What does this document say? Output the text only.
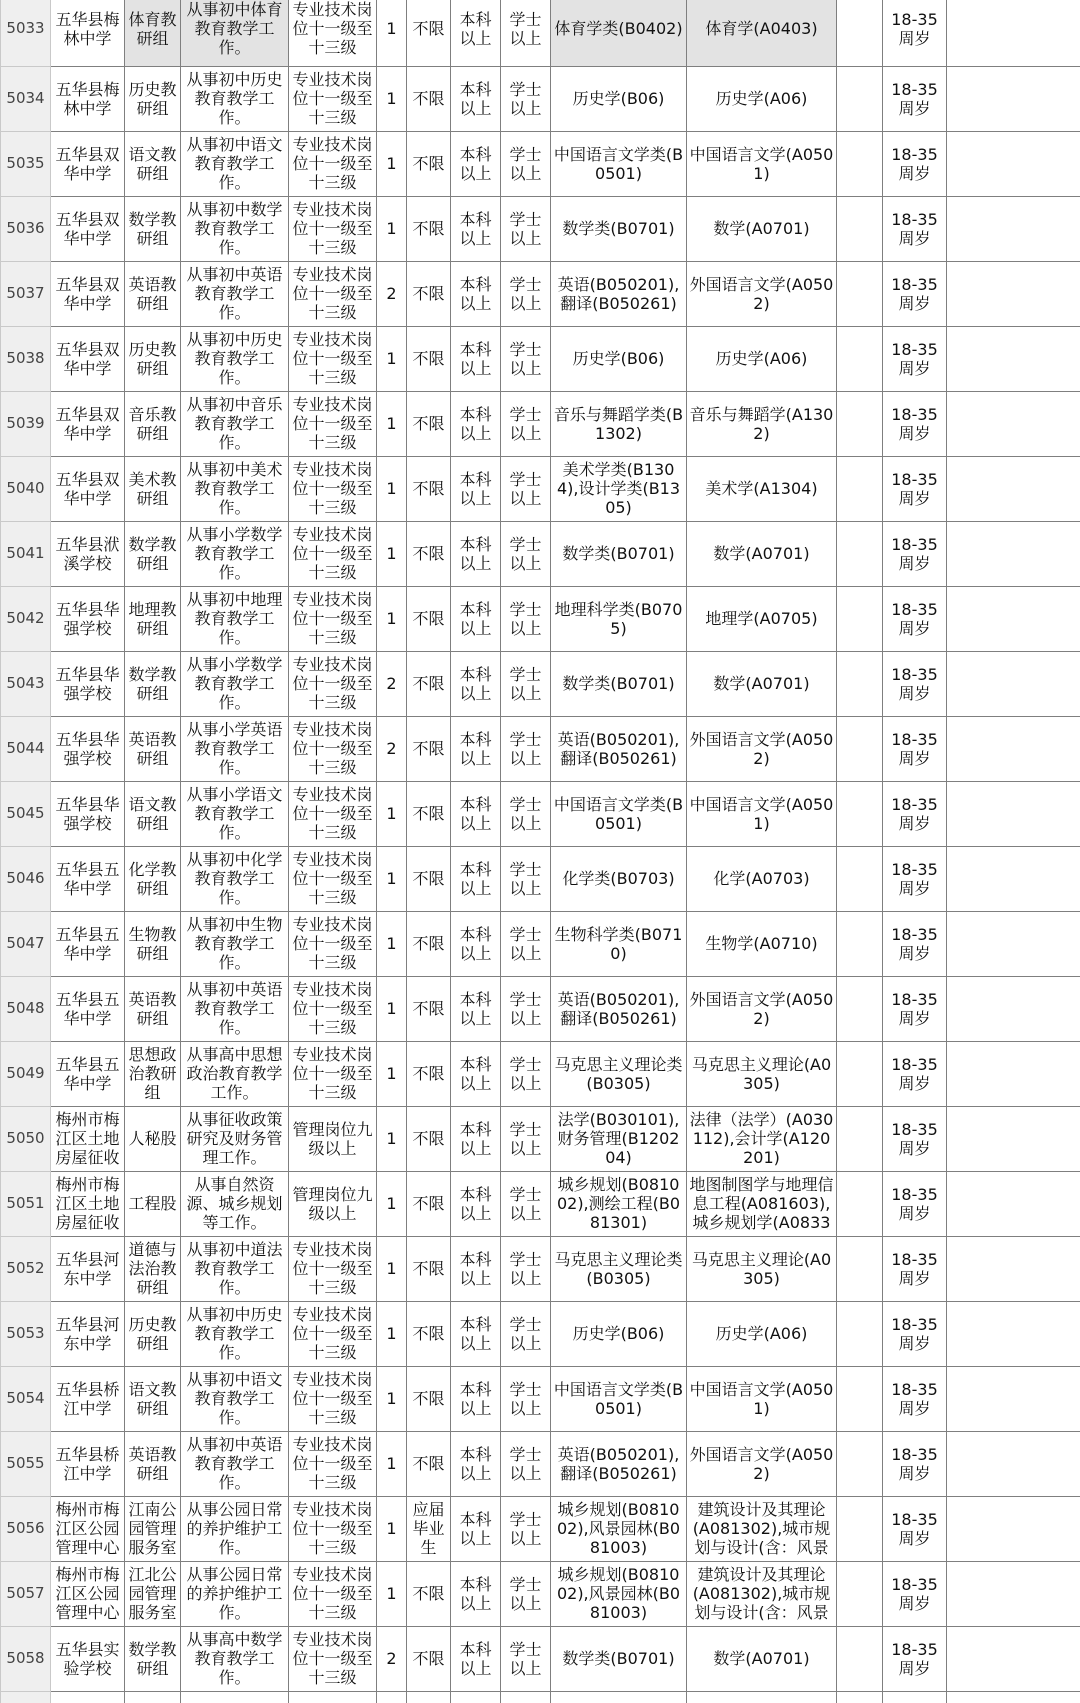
5033	五华县梅林中学	体育教研组	从事初中体育教育教学工作。	专业技术岗位十一级至十三级	1	不限	本科以上	学士以上	体育学类(B0402)	体育学(A0403)		18-35周岁	

5034	五华县梅林中学	历史教研组	从事初中历史教育教学工作。	专业技术岗位十一级至十三级	1	不限	本科以上	学士以上	历史学(B06)	历史学(A06)		18-35周岁	

5035	五华县双华中学	语文教研组	从事初中语文教育教学工作。	专业技术岗位十一级至十三级	1	不限	本科以上	学士以上	中国语言文学类(B0501)	中国语言文学(A0501)		18-35周岁	

5036	五华县双华中学	数学教研组	从事初中数学教育教学工作。	专业技术岗位十一级至十三级	1	不限	本科以上	学士以上	数学类(B0701)	数学(A0701)		18-35周岁	

5037	五华县双华中学	英语教研组	从事初中英语教育教学工作。	专业技术岗位十一级至十三级	2	不限	本科以上	学士以上	英语(B050201),翻译(B050261)	外国语言文学(A0502)		18-35周岁	

5038	五华县双华中学	历史教研组	从事初中历史教育教学工作。	专业技术岗位十一级至十三级	1	不限	本科以上	学士以上	历史学(B06)	历史学(A06)		18-35周岁	

5039	五华县双华中学	音乐教研组	从事初中音乐教育教学工作。	专业技术岗位十一级至十三级	1	不限	本科以上	学士以上	音乐与舞蹈学类(B1302)	音乐与舞蹈学(A1302)		18-35周岁	

5040	五华县双华中学	美术教研组	从事初中美术教育教学工作。	专业技术岗位十一级至十三级	1	不限	本科以上	学士以上	美术学类(B1304),设计学类(B1305)	美术学(A1304)		18-35周岁	

5041	五华县洑溪学校	数学教研组	从事小学数学教育教学工作。	专业技术岗位十一级至十三级	1	不限	本科以上	学士以上	数学类(B0701)	数学(A0701)		18-35周岁	

5042	五华县华强学校	地理教研组	从事初中地理教育教学工作。	专业技术岗位十一级至十三级	1	不限	本科以上	学士以上	地理科学类(B0705)	地理学(A0705)		18-35周岁	

5043	五华县华强学校	数学教研组	从事小学数学教育教学工作。	专业技术岗位十一级至十三级	2	不限	本科以上	学士以上	数学类(B0701)	数学(A0701)		18-35周岁	

5044	五华县华强学校	英语教研组	从事小学英语教育教学工作。	专业技术岗位十一级至十三级	2	不限	本科以上	学士以上	英语(B050201),翻译(B050261)	外国语言文学(A0502)		18-35周岁	

5045	五华县华强学校	语文教研组	从事小学语文教育教学工作。	专业技术岗位十一级至十三级	1	不限	本科以上	学士以上	中国语言文学类(B0501)	中国语言文学(A0501)		18-35周岁	

5046	五华县五华中学	化学教研组	从事初中化学教育教学工作。	专业技术岗位十一级至十三级	1	不限	本科以上	学士以上	化学类(B0703)	化学(A0703)		18-35周岁	

5047	五华县五华中学	生物教研组	从事初中生物教育教学工作。	专业技术岗位十一级至十三级	1	不限	本科以上	学士以上	生物科学类(B0710)	生物学(A0710)		18-35周岁	

5048	五华县五华中学	英语教研组	从事初中英语教育教学工作。	专业技术岗位十一级至十三级	1	不限	本科以上	学士以上	英语(B050201),翻译(B050261)	外国语言文学(A0502)		18-35周岁	

5049	五华县五华中学	思想政治教研组	从事高中思想政治教育教学工作。	专业技术岗位十一级至十三级	1	不限	本科以上	学士以上	马克思主义理论类(B0305)	马克思主义理论(A0305)		18-35周岁	

5050	梅州市梅江区土地房屋征收	人秘股	从事征收政策研究及财务管理工作。	管理岗位九级以上	1	不限	本科以上	学士以上	法学(B030101),财务管理(B120204)	法律（法学）(A030112),会计学(A120201)		18-35周岁	

5051	梅州市梅江区土地房屋征收	工程股	从事自然资源、城乡规划等工作。	管理岗位九级以上	1	不限	本科以上	学士以上	城乡规划(B081002),测绘工程(B081301)	地图制图学与地理信息工程(A081603),城乡规划学(A0833		18-35周岁	

5052	五华县河东中学	道德与法治教研组	从事初中道法教育教学工作。	专业技术岗位十一级至十三级	1	不限	本科以上	学士以上	马克思主义理论类(B0305)	马克思主义理论(A0305)		18-35周岁	

5053	五华县河东中学	历史教研组	从事初中历史教育教学工作。	专业技术岗位十一级至十三级	1	不限	本科以上	学士以上	历史学(B06)	历史学(A06)		18-35周岁	

5054	五华县桥江中学	语文教研组	从事初中语文教育教学工作。	专业技术岗位十一级至十三级	1	不限	本科以上	学士以上	中国语言文学类(B0501)	中国语言文学(A0501)		18-35周岁	

5055	五华县桥江中学	英语教研组	从事初中英语教育教学工作。	专业技术岗位十一级至十三级	1	不限	本科以上	学士以上	英语(B050201),翻译(B050261)	外国语言文学(A0502)		18-35周岁	

5056	梅州市梅江区公园管理中心	江南公园管理服务室	从事公园日常的养护维护工作。	专业技术岗位十一级至十三级	1	应届毕业生	本科以上	学士以上	城乡规划(B081002),风景园林(B081003)	建筑设计及其理论(A081302),城市规划与设计(含：风景		18-35周岁	

5057	梅州市梅江区公园管理中心	江北公园管理服务室	从事公园日常的养护维护工作。	专业技术岗位十一级至十三级	1	不限	本科以上	学士以上	城乡规划(B081002),风景园林(B081003)	建筑设计及其理论(A081302),城市规划与设计(含：风景		18-35周岁	

5058	五华县实验学校	数学教研组	从事高中数学教育教学工作。	专业技术岗位十一级至十三级	2	不限	本科以上	学士以上	数学类(B0701)	数学(A0701)		18-35周岁	
